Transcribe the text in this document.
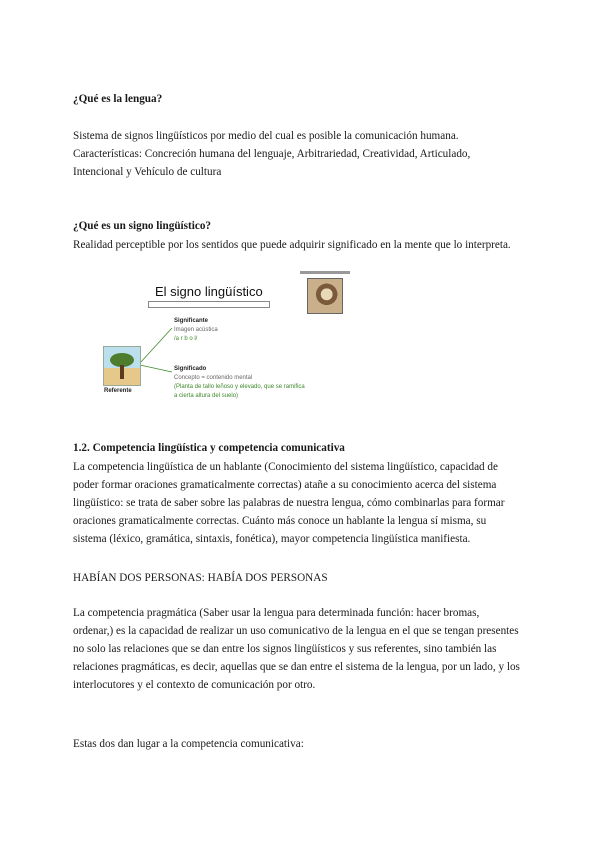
¿Qué es la lengua?
Sistema de signos lingüísticos por medio del cual es posible la comunicación humana.
Características: Concreción humana del lenguaje, Arbitrariedad, Creatividad, Articulado,
Intencional y Vehículo de cultura
¿Qué es un signo lingüístico?
Realidad perceptible por los sentidos que puede adquirir significado en la mente que lo interpreta.
El signo lingüístico
Referente
Significante
Imagen acústica
/a r b o l/
Significado
Concepto = contenido mental
(Planta de tallo leñoso y elevado, que se ramifica
a cierta altura del suelo)
1.2. Competencia lingüística y competencia comunicativa
La competencia lingüística de un hablante (Conocimiento del sistema lingüístico, capacidad de
poder formar oraciones gramaticalmente correctas) atañe a su conocimiento acerca del sistema
lingüístico: se trata de saber sobre las palabras de nuestra lengua, cómo combinarlas para formar
oraciones gramaticalmente correctas. Cuánto más conoce un hablante la lengua sí misma, su
sistema (léxico, gramática, sintaxis, fonética), mayor competencia lingüística manifiesta.
HABÍAN DOS PERSONAS: HABÍA DOS PERSONAS
La competencia pragmática (Saber usar la lengua para determinada función: hacer bromas,
ordenar,) es la capacidad de realizar un uso comunicativo de la lengua en el que se tengan presentes
no solo las relaciones que se dan entre los signos lingüísticos y sus referentes, sino también las
relaciones pragmáticas, es decir, aquellas que se dan entre el sistema de la lengua, por un lado, y los
interlocutores y el contexto de comunicación por otro.
Estas dos dan lugar a la competencia comunicativa:
